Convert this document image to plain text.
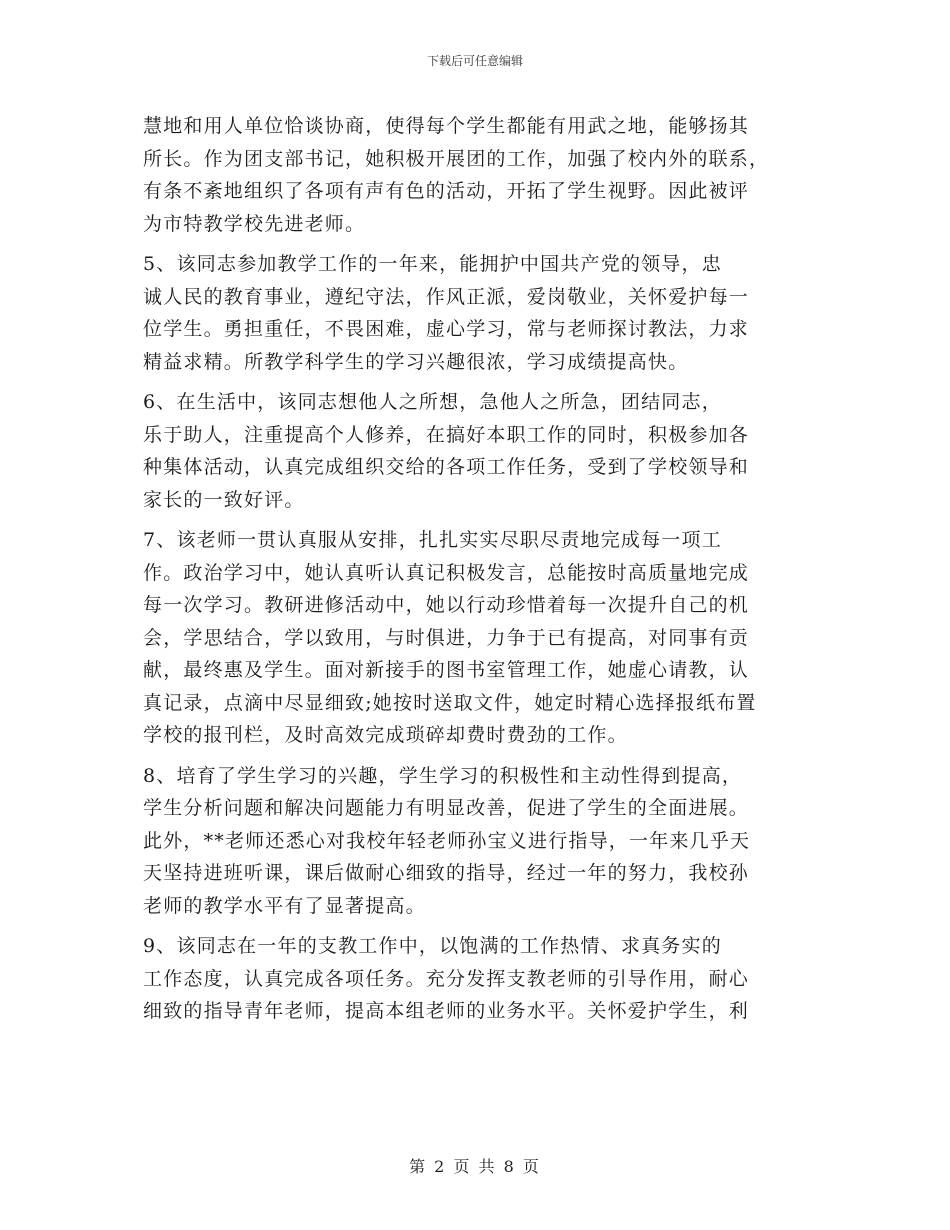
下载后可任意编辑
慧地和用人单位恰谈协商，使得每个学生都能有用武之地，能够扬其
所长。作为团支部书记，她积极开展团的工作，加强了校内外的联系，
有条不紊地组织了各项有声有色的活动，开拓了学生视野。因此被评
为市特教学校先进老师。
5、该同志参加教学工作的一年来，能拥护中国共产党的领导，忠
诚人民的教育事业，遵纪守法，作风正派，爱岗敬业，关怀爱护每一
位学生。勇担重任，不畏困难，虚心学习，常与老师探讨教法，力求
精益求精。所教学科学生的学习兴趣很浓，学习成绩提高快。
6、在生活中，该同志想他人之所想，急他人之所急，团结同志，
乐于助人，注重提高个人修养，在搞好本职工作的同时，积极参加各
种集体活动，认真完成组织交给的各项工作任务，受到了学校领导和
家长的一致好评。
7、该老师一贯认真服从安排，扎扎实实尽职尽责地完成每一项工
作。政治学习中，她认真听认真记积极发言，总能按时高质量地完成
每一次学习。教研进修活动中，她以行动珍惜着每一次提升自己的机
会，学思结合，学以致用，与时俱进，力争于已有提高，对同事有贡
献，最终惠及学生。面对新接手的图书室管理工作，她虚心请教，认
真记录，点滴中尽显细致;她按时送取文件，她定时精心选择报纸布置
学校的报刊栏，及时高效完成琐碎却费时费劲的工作。
8、培育了学生学习的兴趣，学生学习的积极性和主动性得到提高，
学生分析问题和解决问题能力有明显改善，促进了学生的全面进展。
此外，**老师还悉心对我校年轻老师孙宝义进行指导，一年来几乎天
天坚持进班听课，课后做耐心细致的指导，经过一年的努力，我校孙
老师的教学水平有了显著提高。
9、该同志在一年的支教工作中，以饱满的工作热情、求真务实的
工作态度，认真完成各项任务。充分发挥支教老师的引导作用，耐心
细致的指导青年老师，提高本组老师的业务水平。关怀爱护学生，利
第 2 页 共 8 页
